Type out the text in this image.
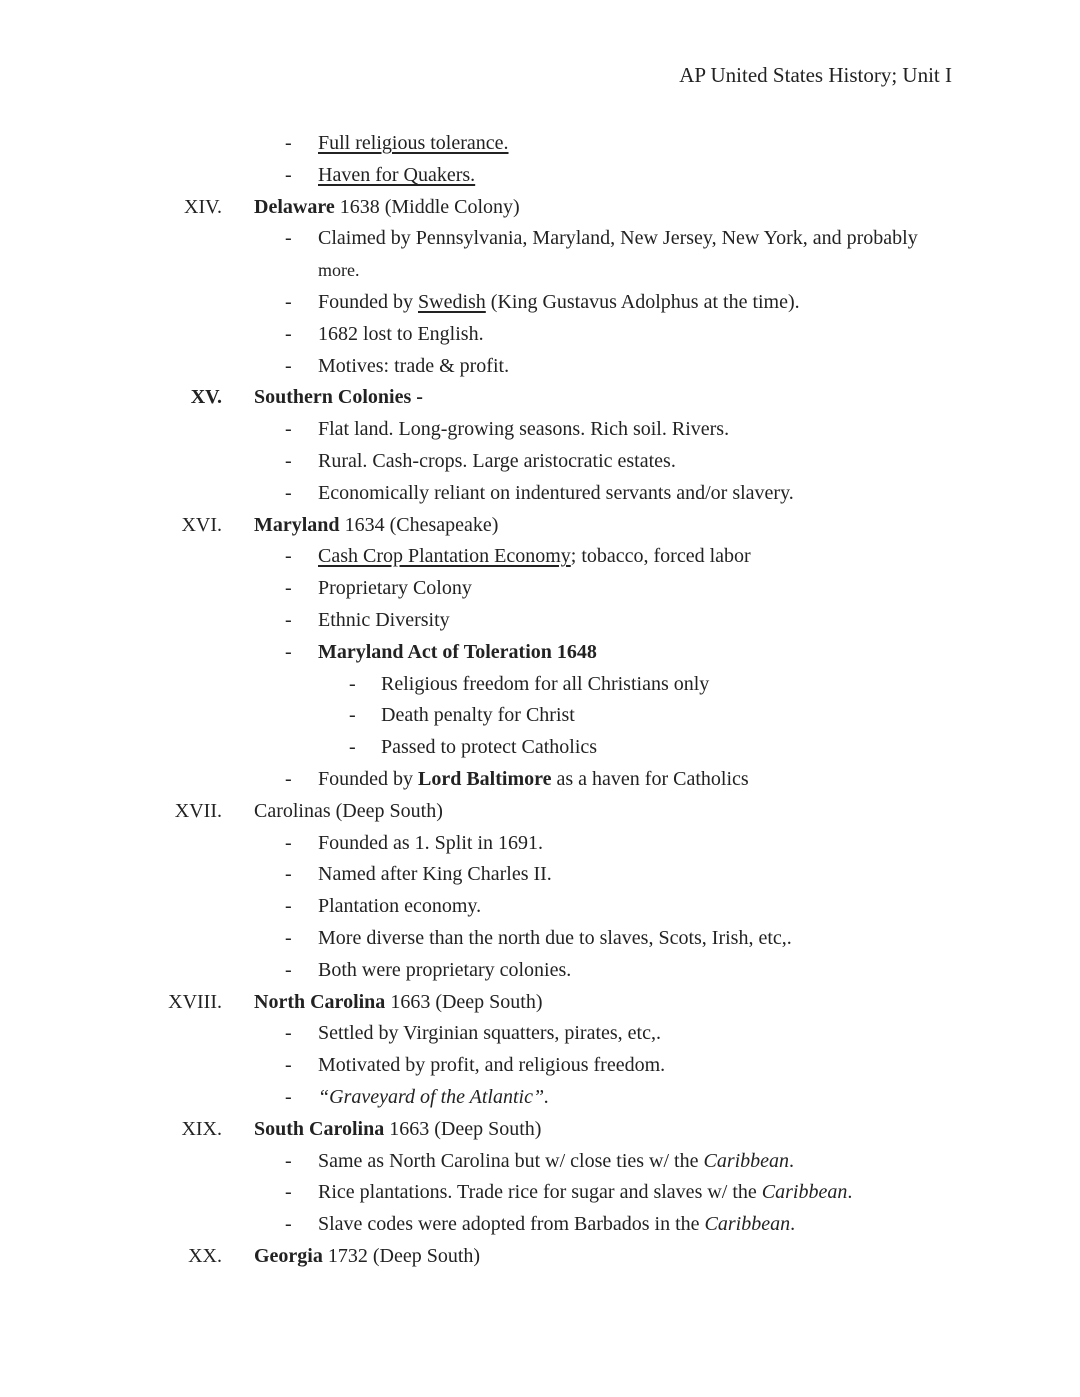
AP United States History; Unit I
- Full religious tolerance.
- Haven for Quakers.
XIV. Delaware 1638 (Middle Colony)
- Claimed by Pennsylvania, Maryland, New Jersey, New York, and probably
more.
- Founded by Swedish (King Gustavus Adolphus at the time).
- 1682 lost to English.
- Motives: trade & profit.
XV. Southern Colonies -
- Flat land. Long-growing seasons. Rich soil. Rivers.
- Rural. Cash-crops. Large aristocratic estates.
- Economically reliant on indentured servants and/or slavery.
XVI. Maryland 1634 (Chesapeake)
- Cash Crop Plantation Economy; tobacco, forced labor
- Proprietary Colony
- Ethnic Diversity
- Maryland Act of Toleration 1648
- Religious freedom for all Christians only
- Death penalty for Christ
- Passed to protect Catholics
- Founded by Lord Baltimore as a haven for Catholics
XVII. Carolinas (Deep South)
- Founded as 1. Split in 1691.
- Named after King Charles II.
- Plantation economy.
- More diverse than the north due to slaves, Scots, Irish, etc,.
- Both were proprietary colonies.
XVIII. North Carolina 1663 (Deep South)
- Settled by Virginian squatters, pirates, etc,.
- Motivated by profit, and religious freedom.
- “Graveyard of the Atlantic”.
XIX. South Carolina 1663 (Deep South)
- Same as North Carolina but w/ close ties w/ the Caribbean.
- Rice plantations. Trade rice for sugar and slaves w/ the Caribbean.
- Slave codes were adopted from Barbados in the Caribbean.
XX. Georgia 1732 (Deep South)
